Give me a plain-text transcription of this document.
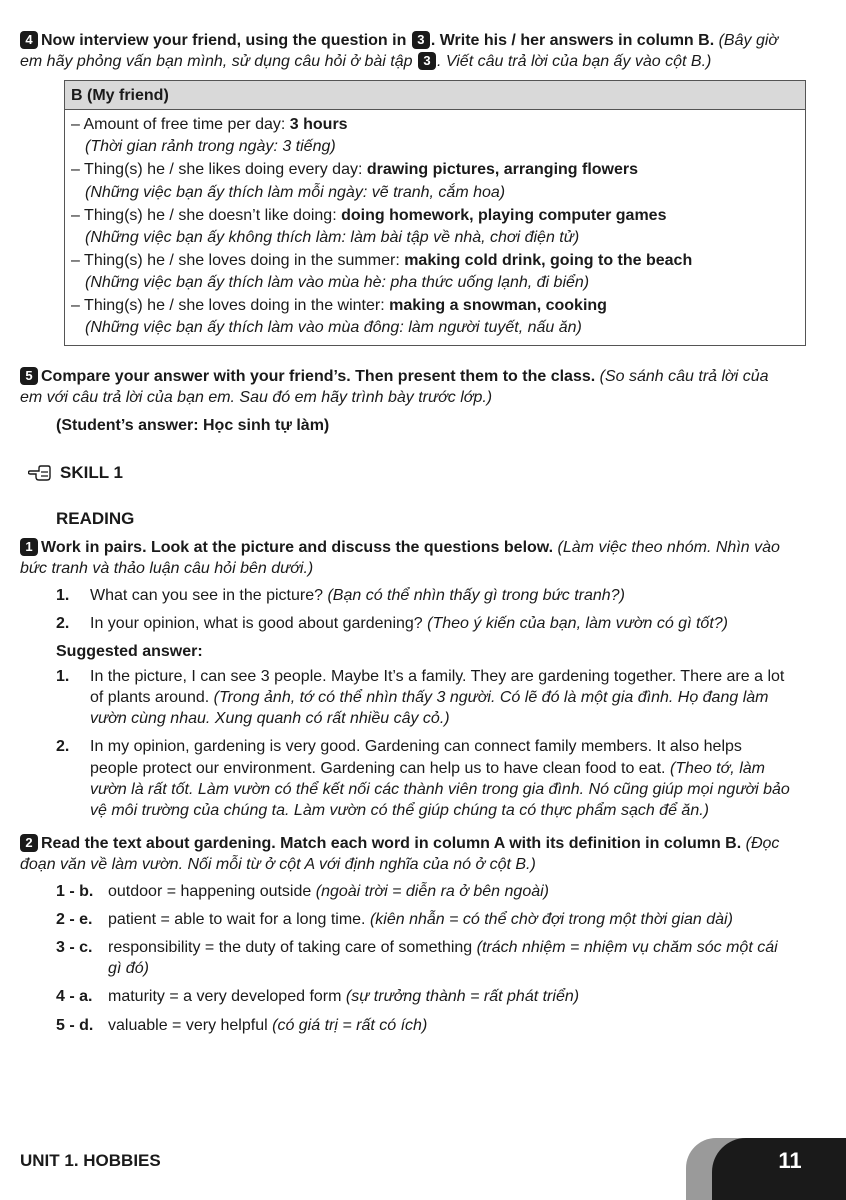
4 Now interview your friend, using the question in 3 . Write his / her answers in column B. (Bây giờ em hãy phỏng vấn bạn mình, sử dụng câu hỏi ở bài tập 3 . Viết câu trả lời của bạn ấy vào cột B.)

B (My friend)

– Amount of free time per day: 3 hours
(Thời gian rảnh trong ngày: 3 tiếng)
– Thing(s) he / she likes doing every day: drawing pictures, arranging flowers
(Những việc bạn ấy thích làm mỗi ngày: vẽ tranh, cắm hoa)
– Thing(s) he / she doesn’t like doing: doing homework, playing computer games
(Những việc bạn ấy không thích làm: làm bài tập về nhà, chơi điện tử)
– Thing(s) he / she loves doing in the summer: making cold drink, going to the beach
(Những việc bạn ấy thích làm vào mùa hè: pha thức uống lạnh, đi biển)
– Thing(s) he / she loves doing in the winter: making a snowman, cooking
(Những việc bạn ấy thích làm vào mùa đông: làm người tuyết, nấu ăn)

5 Compare your answer with your friend’s. Then present them to the class. (So sánh câu trả lời của em với câu trả lời của bạn em. Sau đó em hãy trình bày trước lớp.)

(Student’s answer: Học sinh tự làm)

SKILL 1
READING

1 Work in pairs. Look at the picture and discuss the questions below. (Làm việc theo nhóm. Nhìn vào bức tranh và thảo luận câu hỏi bên dưới.)

1.	What can you see in the picture? (Bạn có thể nhìn thấy gì trong bức tranh?)
2.	In your opinion, what is good about gardening? (Theo ý kiến của bạn, làm vườn có gì tốt?)
Suggested answer:
1.	In the picture, I can see 3 people. Maybe It’s a family. They are gardening together. There are a lot of plants around. (Trong ảnh, tớ có thể nhìn thấy 3 người. Có lẽ đó là một gia đình. Họ đang làm vườn cùng nhau. Xung quanh có rất nhiều cây cỏ.)
2.	In my opinion, gardening is very good. Gardening can connect family members. It also helps people protect our environment. Gardening can help us to have clean food to eat. (Theo tớ, làm vườn là rất tốt. Làm vườn có thể kết nối các thành viên trong gia đình. Nó cũng giúp mọi người bảo vệ môi trường của chúng ta. Làm vườn có thể giúp chúng ta có thực phẩm sạch để ăn.)

2 Read the text about gardening. Match each word in column A with its definition in column B. (Đọc đoạn văn về làm vườn. Nối mỗi từ ở cột A với định nghĩa của nó ở cột B.)

1 - b. outdoor = happening outside (ngoài trời = diễn ra ở bên ngoài)
2 - e. patient = able to wait for a long time. (kiên nhẫn = có thể chờ đợi trong một thời gian dài)
3 - c. responsibility = the duty of taking care of something (trách nhiệm = nhiệm vụ chăm sóc một cái gì đó)
4 - a. maturity = a very developed form (sự trưởng thành = rất phát triển)
5 - d. valuable = very helpful (có giá trị = rất có ích)
UNIT 1. HOBBIES	11
